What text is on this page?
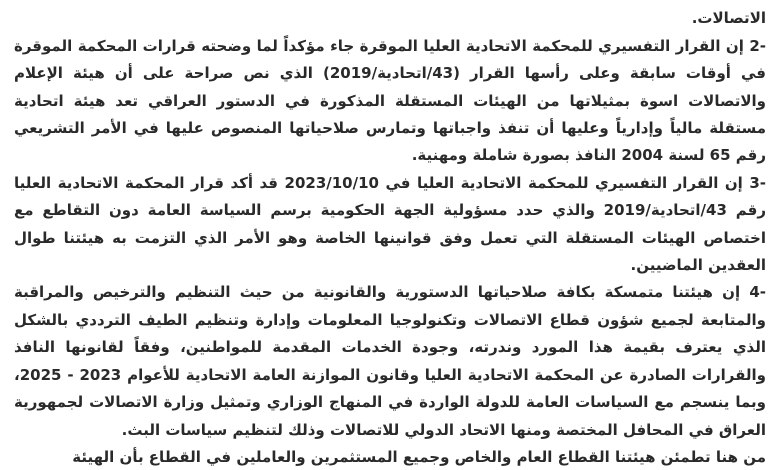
الاتصالات.

-2 إن القرار التفسيري للمحكمة الاتحادية العليا الموقرة جاء مؤكداً لما وضحته قرارات المحكمة الموقرة في أوقات سابقة وعلى رأسها القرار (43/اتحادية/2019) الذي نص صراحة على أن هيئة الإعلام والاتصالات اسوة بمثيلاتها من الهيئات المستقلة المذكورة في الدستور العراقي تعد هيئة اتحادية مستقلة مالياً وإدارياً وعليها أن تنفذ واجباتها وتمارس صلاحياتها المنصوص عليها في الأمر التشريعي رقم 65 لسنة 2004 النافذ بصورة شاملة ومهنية.

-3 إن القرار التفسيري للمحكمة الاتحادية العليا في 2023/10/10 قد أكد قرار المحكمة الاتحادية العليا رقم 43/اتحادية/2019 والذي حدد مسؤولية الجهة الحكومية برسم السياسة العامة دون التقاطع مع اختصاص الهيئات المستقلة التي تعمل وفق قوانينها الخاصة وهو الأمر الذي التزمت به هيئتنا طوال العقدين الماضيين.

-4 إن هيئتنا متمسكة بكافة صلاحياتها الدستورية والقانونية من حيث التنظيم والترخيص والمراقبة والمتابعة لجميع شؤون قطاع الاتصالات وتكنولوجيا المعلومات وإدارة وتنظيم الطيف الترددي بالشكل الذي يعترف بقيمة هذا المورد وندرته، وجودة الخدمات المقدمة للمواطنين، وفقاً لقانونها النافذ والقرارات الصادرة عن المحكمة الاتحادية العليا وقانون الموازنة العامة الاتحادية للأعوام 2023 - 2025، وبما ينسجم مع السياسات العامة للدولة الواردة في المنهاج الوزاري وتمثيل وزارة الاتصالات لجمهورية العراق في المحافل المختصة ومنها الاتحاد الدولي للاتصالات وذلك لتنظيم سياسات البث.

من هنا تطمئن هيئتنا القطاع العام والخاص وجميع المستثمرين والعاملين في القطاع بأن الهيئة
